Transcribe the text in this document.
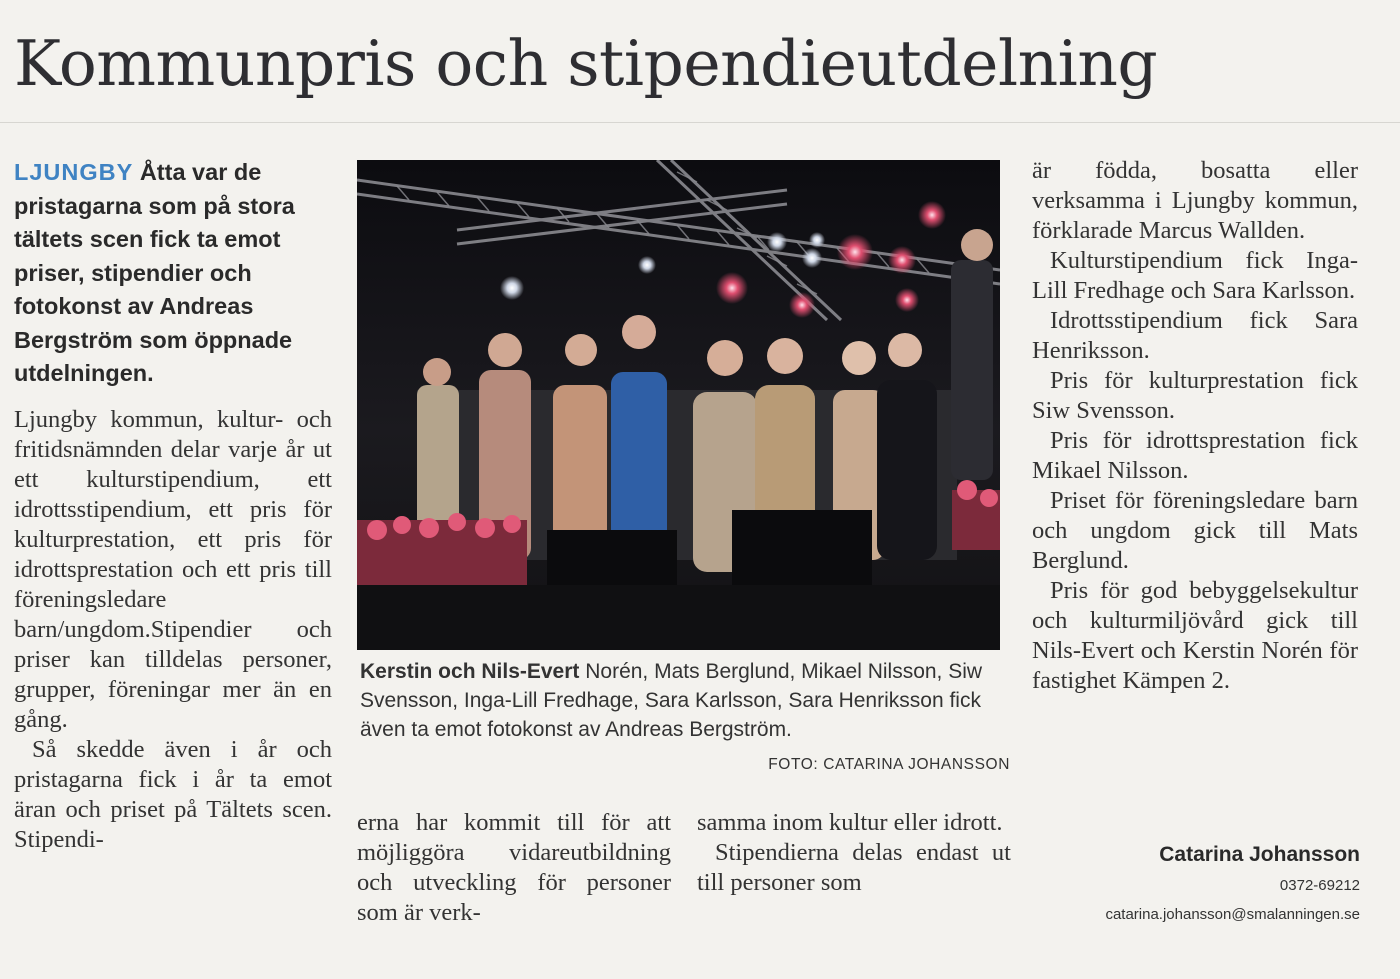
Kommunpris och stipendieutdelning

LJUNGBY Åtta var de pristagarna som på stora tältets scen fick ta emot priser, stipendier och fotokonst av Andreas Bergström som öppnade utdelningen.

Ljungby kommun, kultur- och fritidsnämnden delar varje år ut ett kulturstipendium, ett idrottsstipendium, ett pris för kulturprestation, ett pris för idrottsprestation och ett pris till föreningsledare barn/ungdom.Stipendier och priser kan tilldelas personer, grupper, föreningar mer än en gång.

Så skedde även i år och pristagarna fick i år ta emot äran och priset på Tältets scen. Stipendi-

Kerstin och Nils-Evert Norén, Mats Berglund, Mikael Nilsson, Siw Svensson, Inga-Lill Fredhage, Sara Karlsson, Sara Henriksson fick även ta emot fotokonst av Andreas Bergström.

FOTO: CATARINA JOHANSSON

erna har kommit till för att möjliggöra vidareutbildning och utveckling för personer som är verk-

samma inom kultur eller idrott.

Stipendierna delas endast ut till personer som

är födda, bosatta eller verksamma i Ljungby kommun, förklarade Marcus Wallden.

Kulturstipendium fick Inga-Lill Fredhage och Sara Karlsson.

Idrottsstipendium fick Sara Henriksson.

Pris för kulturprestation fick Siw Svensson.

Pris för idrottsprestation fick Mikael Nilsson.

Priset för föreningsledare barn och ungdom gick till Mats Berglund.

Pris för god bebyggelsekultur och kulturmiljövård gick till Nils-Evert och Kerstin Norén för fastighet Kämpen 2.

Catarina Johansson

0372-69212

catarina.johansson@smalanningen.se
